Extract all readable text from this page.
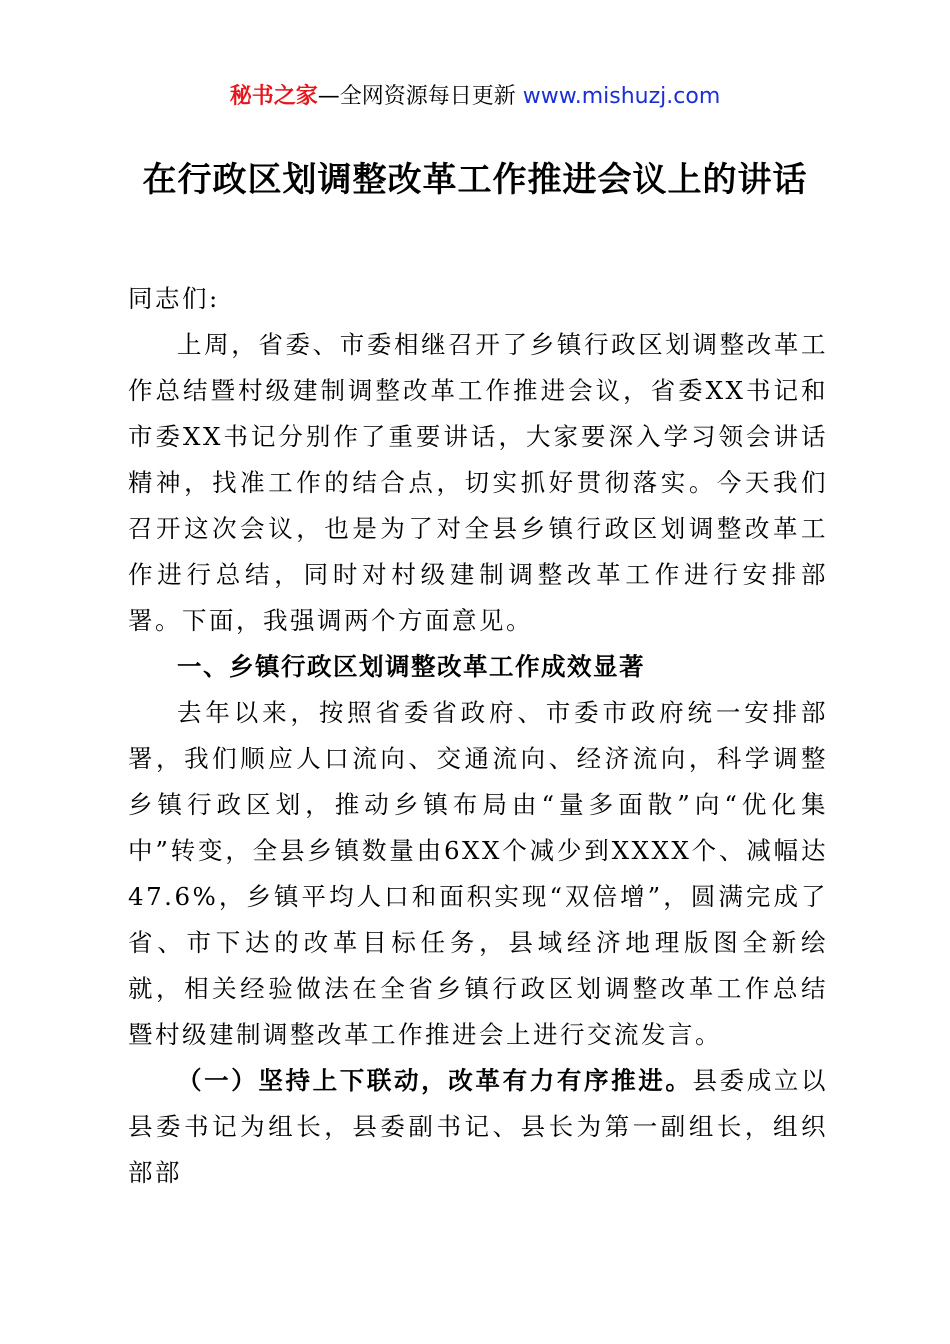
秘书之家—全网资源每日更新 www.mishuzj.com
在行政区划调整改革工作推进会议上的讲话

同志们:

上周，省委、市委相继召开了乡镇行政区划调整改革工作总结暨村级建制调整改革工作推进会议，省委XX书记和市委XX书记分别作了重要讲话，大家要深入学习领会讲话精神，找准工作的结合点，切实抓好贯彻落实。今天我们召开这次会议，也是为了对全县乡镇行政区划调整改革工作进行总结，同时对村级建制调整改革工作进行安排部署。下面，我强调两个方面意见。

一、乡镇行政区划调整改革工作成效显著

去年以来，按照省委省政府、市委市政府统一安排部署，我们顺应人口流向、交通流向、经济流向，科学调整乡镇行政区划，推动乡镇布局由“量多面散”向“优化集中”转变，全县乡镇数量由6XX个减少到XXXX个、减幅达47.6%，乡镇平均人口和面积实现“双倍增”，圆满完成了省、市下达的改革目标任务，县域经济地理版图全新绘就，相关经验做法在全省乡镇行政区划调整改革工作总结暨村级建制调整改革工作推进会上进行交流发言。

（一）坚持上下联动，改革有力有序推进。县委成立以县委书记为组长，县委副书记、县长为第一副组长，组织部部
